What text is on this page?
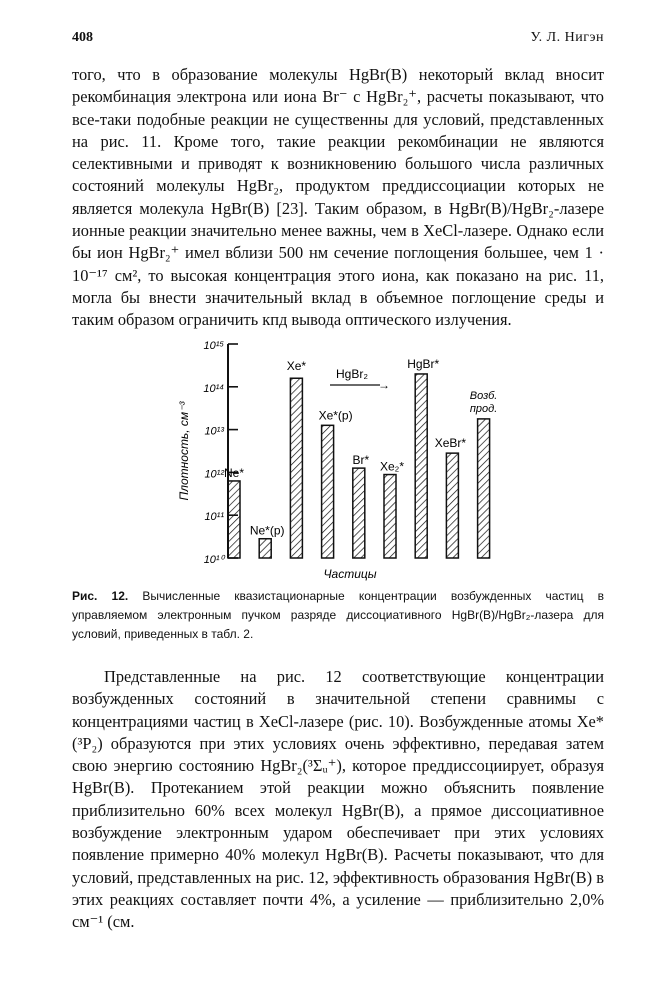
408	У. Л. Нигэн

того, что в образование молекулы HgBr(B) некоторый вклад вносит рекомбинация электрона или иона Br⁻ с HgBr₂⁺, расчеты показывают, что все-таки подобные реакции не существенны для условий, представленных на рис. 11. Кроме того, такие реакции рекомбинации не являются селективными и приводят к возникновению большого числа различных состояний молекулы HgBr₂, продуктом преддиссоциации которых не является молекула HgBr(B) [23]. Таким образом, в HgBr(B)/HgBr₂-лазере ионные реакции значительно менее важны, чем в XeCl-лазере. Однако если бы ион HgBr₂⁺ имел вблизи 500 нм сечение поглощения большее, чем 1 · 10⁻¹⁷ см², то высокая концентрация этого иона, как показано на рис. 11, могла бы внести значительный вклад в объемное поглощение среды и таким образом ограничить кпд вывода оптического излучения.

10¹⁰
10¹¹
10¹²
10¹³
10¹⁴
10¹⁵
Плотность, см⁻³	Ne*
Ne*(p)
Xe*
Xe*(p)
Br* Xe₂*
HgBr*
XeBr*
Возб.
прод.
HgBr₂
→
Частицы

Рис. 12. Вычисленные квазистационарные концентрации возбужденных частиц в управляемом электронным пучком разряде диссоциативного HgBr(B)/HgBr₂-лазера для условий, приведенных в табл. 2.

Представленные на рис. 12 соответствующие концентрации возбужденных состояний в значительной степени сравнимы с концентрациями частиц в XeCl-лазере (рис. 10). Возбужденные атомы Xe*(³P₂) образуются при этих условиях очень эффективно, передавая затем свою энергию состоянию HgBr₂(³Σᵤ⁺), которое преддиссоциирует, образуя HgBr(B). Протеканием этой реакции можно объяснить появление приблизительно 60% всех молекул HgBr(B), а прямое диссоциативное возбуждение электронным ударом обеспечивает при этих условиях появление примерно 40% молекул HgBr(B). Расчеты показывают, что для условий, представленных на рис. 12, эффективность образования HgBr(B) в этих реакциях составляет почти 4%, а усиление — приблизительно 2,0% см⁻¹ (см.
